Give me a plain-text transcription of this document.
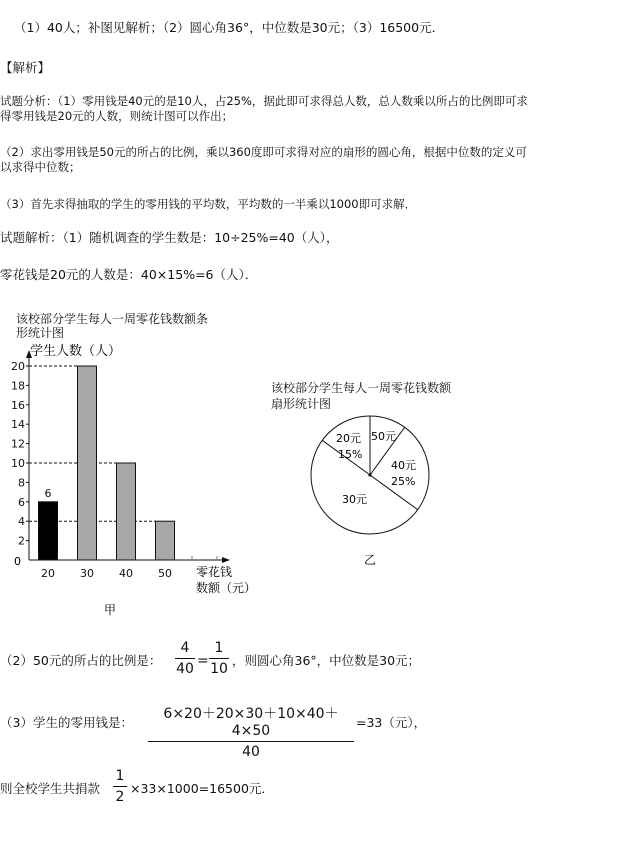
（1）40人；补图见解析；（2）圆心角36°，中位数是30元；（3）16500元．
【解析】
试题分析：（1）零用钱是40元的是10人，占25%，据此即可求得总人数，总人数乘以所占的比例即可求
得零用钱是20元的人数，则统计图可以作出；
（2）求出零用钱是50元的所占的比例，乘以360度即可求得对应的扇形的圆心角，根据中位数的定义可
以求得中位数；
（3）首先求得抽取的学生的零用钱的平均数，平均数的一半乘以1000即可求解．
试题解析：（1）随机调查的学生数是：10÷25%=40（人），
零花钱是20元的人数是：40×15%=6（人）．
该校部分学生每人一周零花钱数额条
形统计图
2
4
6
8
10
12
14
16
18
20
20 30 40 50
6
学生人数（人）
0
零花钱
数额（元）
甲
该校部分学生每人一周零花钱数额
扇形统计图
20元
15%
50元
40元
25%
30元
乙
（2）50元的所占的比例是：
4
40 =
1
10
，则圆心角36°，中位数是30元；
（3）学生的零用钱是：
6×20＋20×30＋10×40＋4×50
40
=33（元），
则全校学生共捐款
1
2
×33×1000=16500元．
